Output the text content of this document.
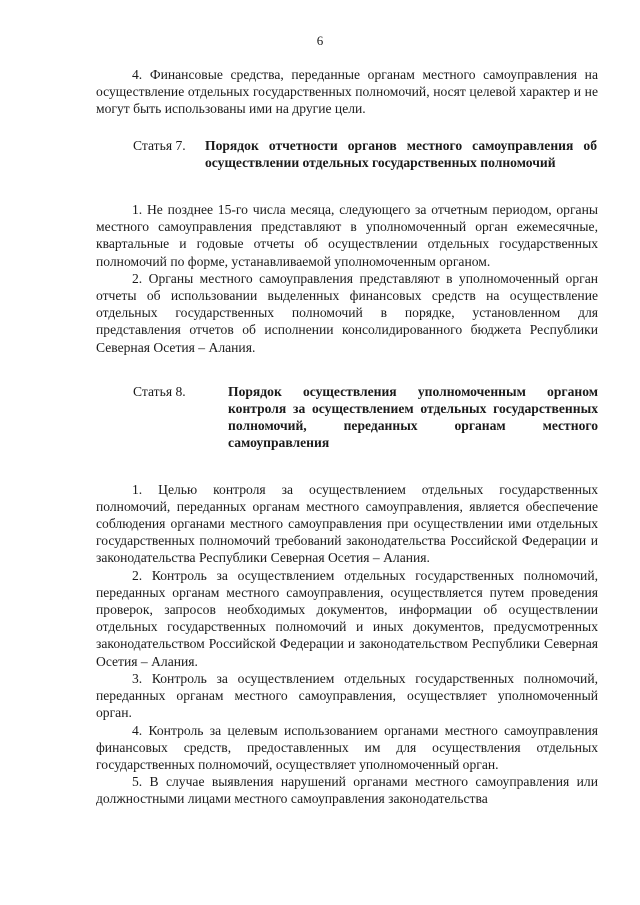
6

4. Финансовые средства, переданные органам местного самоуправления на осуществление отдельных государственных полномочий, носят целевой характер и не могут быть использованы ими на другие цели.

Статья 7.	Порядок отчетности органов местного самоуправления об осуществлении отдельных государственных полномочий

1. Не позднее 15-го числа месяца, следующего за отчетным периодом, органы местного самоуправления представляют в уполномоченный орган ежемесячные, квартальные и годовые отчеты об осуществлении отдельных государственных полномочий по форме, устанавливаемой уполномоченным органом.

2. Органы местного самоуправления представляют в уполномоченный орган отчеты об использовании выделенных финансовых средств на осуществление отдельных государственных полномочий в порядке, установленном для представления отчетов об исполнении консолидированного бюджета Республики Северная Осетия – Алания.

Статья 8.	Порядок осуществления уполномоченным органом контроля за осуществлением отдельных государственных полномочий, переданных органам местного самоуправления

1. Целью контроля за осуществлением отдельных государственных полномочий, переданных органам местного самоуправления, является обеспечение соблюдения органами местного самоуправления при осуществлении ими отдельных государственных полномочий требований законодательства Российской Федерации и законодательства Республики Северная Осетия – Алания.

2. Контроль за осуществлением отдельных государственных полномочий, переданных органам местного самоуправления, осуществляется путем проведения проверок, запросов необходимых документов, информации об осуществлении отдельных государственных полномочий и иных документов, предусмотренных законодательством Российской Федерации и законодательством Республики Северная Осетия – Алания.

3. Контроль за осуществлением отдельных государственных полномочий, переданных органам местного самоуправления, осуществляет уполномоченный орган.

4. Контроль за целевым использованием органами местного самоуправления финансовых средств, предоставленных им для осуществления отдельных государственных полномочий, осуществляет уполномоченный орган.

5. В случае выявления нарушений органами местного самоуправления или должностными лицами местного самоуправления законодательства
